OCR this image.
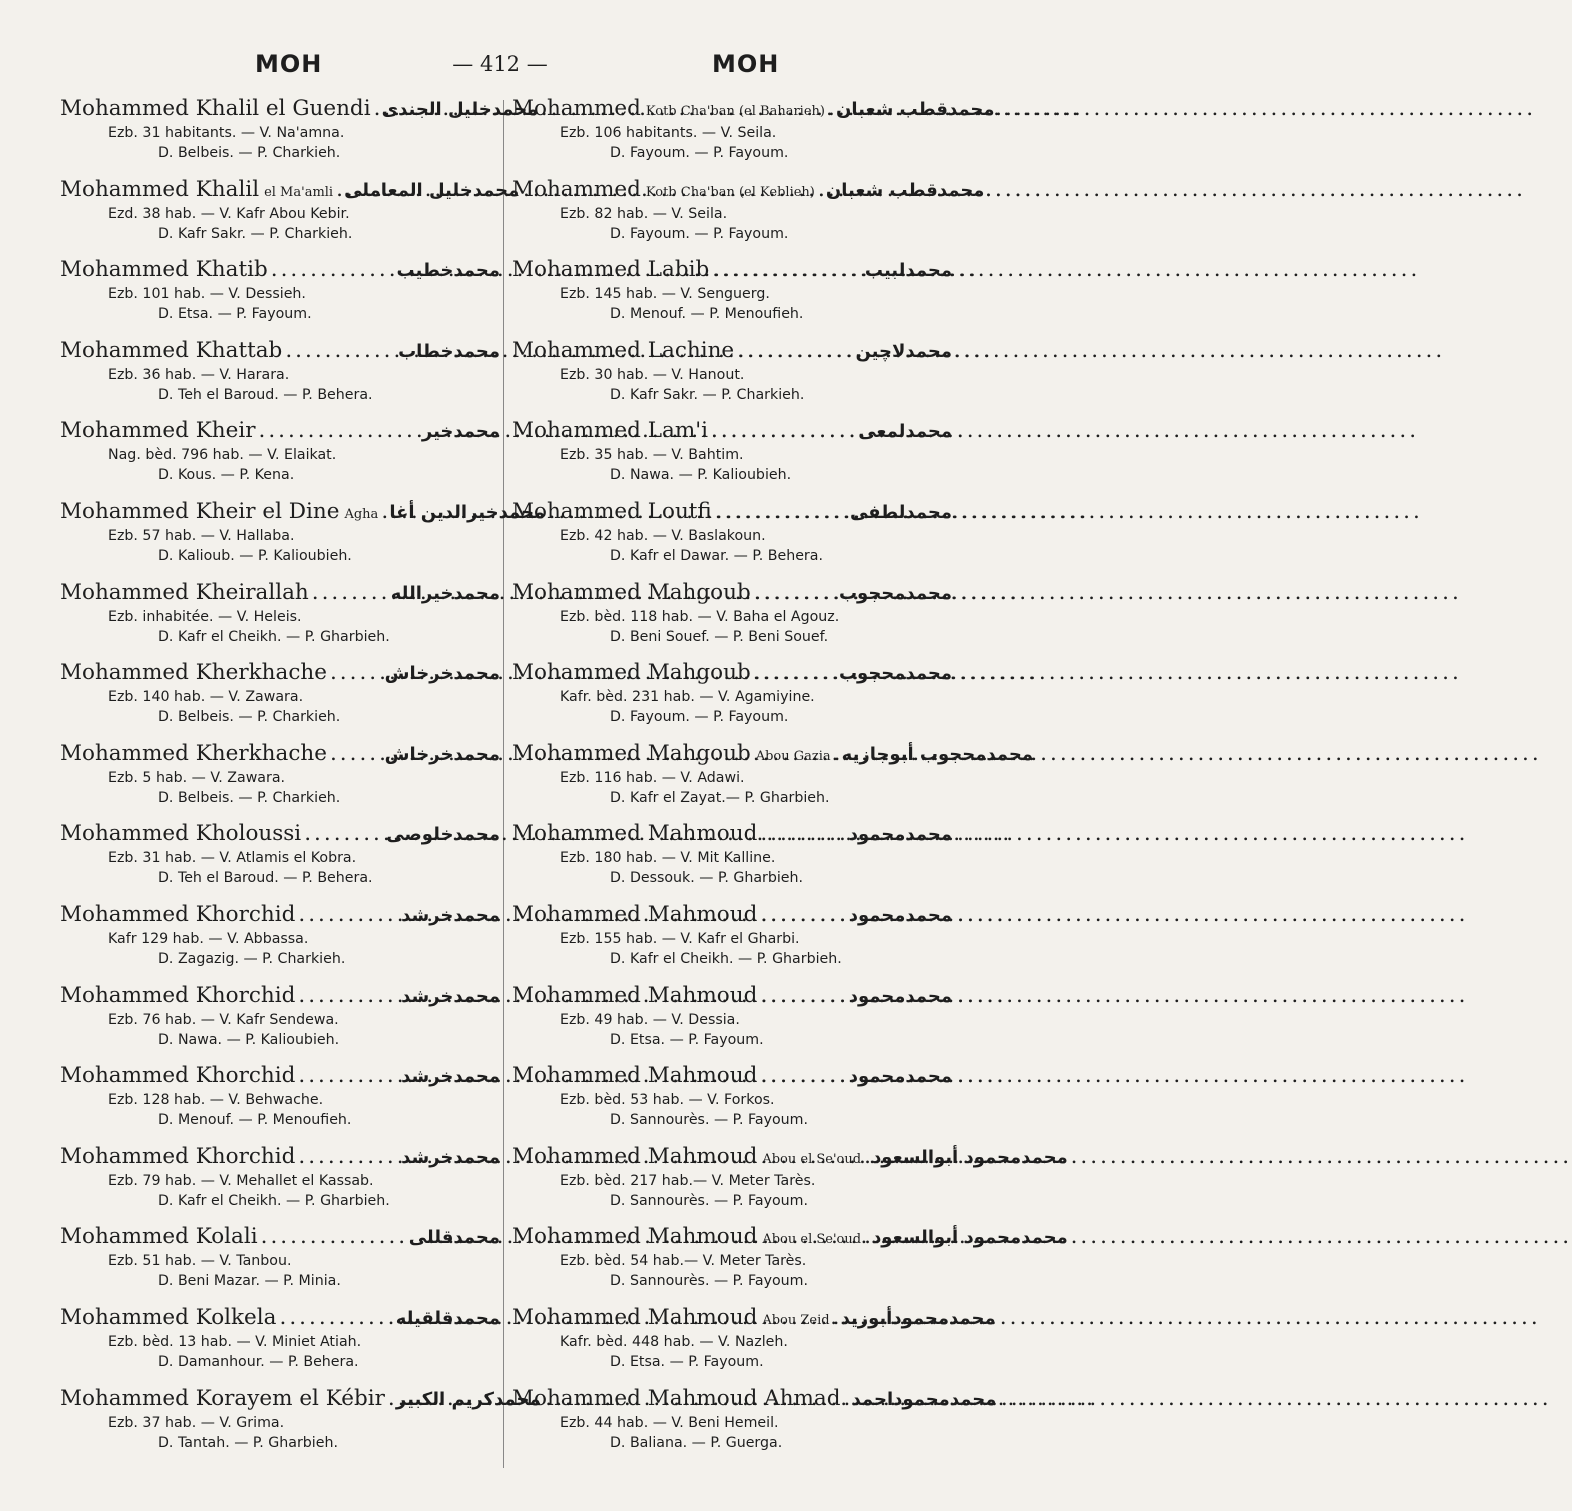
MOH	— 412 —	MOH
Mohammed Khalil el Guendi ..... محمدخليل الجندى
Ezb. 31 habitants. — V. Na'amna.
D. Belbeis. — P. Charkieh.
Mohammed Khalil el Ma'amli ..... محمدخليل المعاملى
Ezd. 38 hab. — V. Kafr Abou Kebir.
D. Kafr Sakr. — P. Charkieh.
Mohammed Khatib .....	محمدخطيب
Ezb. 101 hab. — V. Dessieh.
D. Etsa. — P. Fayoum.
Mohammed Khattab .....	محمدخطاب
Ezb. 36 hab. — V. Harara.
D. Teh el Baroud. — P. Behera.
Mohammed Kheir .....	محمدخير
Nag. bèd. 796 hab. — V. Elaikat.
D. Kous. — P. Kena.
Mohammed Kheir el Dine Agha ..... محمدخيرالدين أغا
Ezb. 57 hab. — V. Hallaba.
D. Kalioub. — P. Kalioubieh.
Mohammed Kheirallah .....	محمدخيرالله
Ezb. inhabitée. — V. Heleis.
D. Kafr el Cheikh. — P. Gharbieh.
Mohammed Kherkhache .....	محمدخرخاش
Ezb. 140 hab. — V. Zawara.
D. Belbeis. — P. Charkieh.
Mohammed Kherkhache .....	محمدخرخاش
Ezb. 5 hab. — V. Zawara.
D. Belbeis. — P. Charkieh.
Mohammed Kholoussi .....	محمدخلوصى
Ezb. 31 hab. — V. Atlamis el Kobra.
D. Teh el Baroud. — P. Behera.
Mohammed Khorchid .....	محمدخرشد
Kafr 129 hab. — V. Abbassa.
D. Zagazig. — P. Charkieh.
Mohammed Khorchid .....	محمدخرشد
Ezb. 76 hab. — V. Kafr Sendewa.
D. Nawa. — P. Kalioubieh.
Mohammed Khorchid .....	محمدخرشد
Ezb. 128 hab. — V. Behwache.
D. Menouf. — P. Menoufieh.
Mohammed Khorchid .....	محمدخرشد
Ezb. 79 hab. — V. Mehallet el Kassab.
D. Kafr el Cheikh. — P. Gharbieh.
Mohammed Kolali .....	محمدقللى
Ezb. 51 hab. — V. Tanbou.
D. Beni Mazar. — P. Minia.
Mohammed Kolkela .....	محمدقلقيله
Ezb. bèd. 13 hab. — V. Miniet Atiah.
D. Damanhour. — P. Behera.
Mohammed Korayem el Kébir ..... محمدكريم الكبير
Ezb. 37 hab. — V. Grima.
D. Tantah. — P. Gharbieh.
Mohammed Kotb Cha'ban (el Baharieh) ..... محمدقطب شعبان
Ezb. 106 habitants. — V. Seila.
D. Fayoum. — P. Fayoum.
Mohammed Kotb Cha'ban (el Keblieh) ..... محمدقطب شعبان
Ezb. 82 hab. — V. Seila.
D. Fayoum. — P. Fayoum.
Mohammed Labib .....	محمدلبيب
Ezb. 145 hab. — V. Senguerg.
D. Menouf. — P. Menoufieh.
Mohammed Lachine .....	محمدلاچين
Ezb. 30 hab. — V. Hanout.
D. Kafr Sakr. — P. Charkieh.
Mohammed Lam'i .....	محمدلمعى
Ezb. 35 hab. — V. Bahtim.
D. Nawa. — P. Kalioubieh.
Mohammed Loutfi .....	محمدلطفى
Ezb. 42 hab. — V. Baslakoun.
D. Kafr el Dawar. — P. Behera.
Mohammed Mahgoub .....	محمدمحجوب
Ezb. bèd. 118 hab. — V. Baha el Agouz.
D. Beni Souef. — P. Beni Souef.
Mohammed Mahgoub .....	محمدمحجوب
Kafr. bèd. 231 hab. — V. Agamiyine.
D. Fayoum. — P. Fayoum.
Mohammed Mahgoub Abou Gazia ..... محمدمحجوب أبوجازيه
Ezb. 116 hab. — V. Adawi.
D. Kafr el Zayat.— P. Gharbieh.
Mohammed Mahmoud .....	محمدمحمود
Ezb. 180 hab. — V. Mit Kalline.
D. Dessouk. — P. Gharbieh.
Mohammed Mahmoud .....	محمدمحمود
Ezb. 155 hab. — V. Kafr el Gharbi.
D. Kafr el Cheikh. — P. Gharbieh.
Mohammed Mahmoud .....	محمدمحمود
Ezb. 49 hab. — V. Dessia.
D. Etsa. — P. Fayoum.
Mohammed Mahmoud .....	محمدمحمود
Ezb. bèd. 53 hab. — V. Forkos.
D. Sannourès. — P. Fayoum.
Mohammed Mahmoud Abou el Se'oud ..... محمدمحمود أبوالسعود
Ezb. bèd. 217 hab.— V. Meter Tarès.
D. Sannourès. — P. Fayoum.
Mohammed Mahmoud Abou el Se'oud ..... محمدمحمود أبوالسعود
Ezb. bèd. 54 hab.— V. Meter Tarès.
D. Sannourès. — P. Fayoum.
Mohammed Mahmoud Abou Zeid ..... محمدمحمودأبوزيد
Kafr. bèd. 448 hab. — V. Nazleh.
D. Etsa. — P. Fayoum.
Mohammed Mahmoud Ahmad ..... محمدمحموداحمد
Ezb. 44 hab. — V. Beni Hemeil.
D. Baliana. — P. Guerga.
